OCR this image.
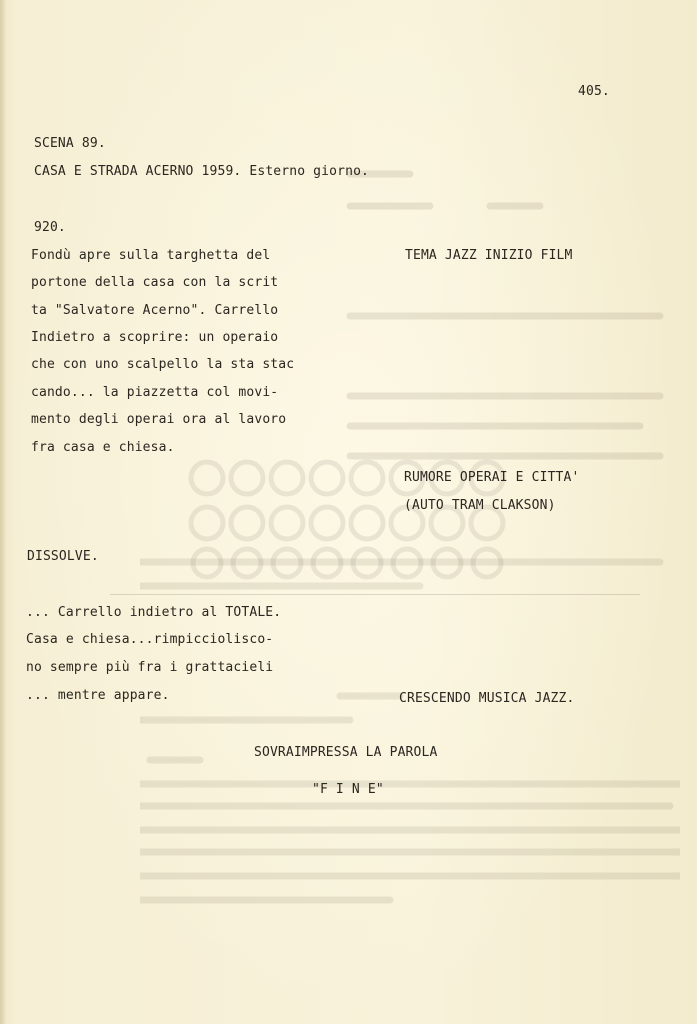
405.
SCENA 89.
CASA E STRADA ACERNO 1959. Esterno giorno.
920.
Fondù apre sulla targhetta del
portone della casa con la scrit
ta "Salvatore Acerno". Carrello
Indietro a scoprire: un operaio
che con uno scalpello la sta stac
cando... la piazzetta col movi-
mento degli operai ora al lavoro
fra casa e chiesa.
TEMA JAZZ INIZIO FILM
RUMORE OPERAI E CITTA'
(AUTO TRAM CLAKSON)
DISSOLVE.
... Carrello indietro al TOTALE.
Casa e chiesa...rimpicciolisco-
no sempre più fra i grattacieli
... mentre appare.	CRESCENDO MUSICA JAZZ.
SOVRAIMPRESSA LA PAROLA
"F I N E"
